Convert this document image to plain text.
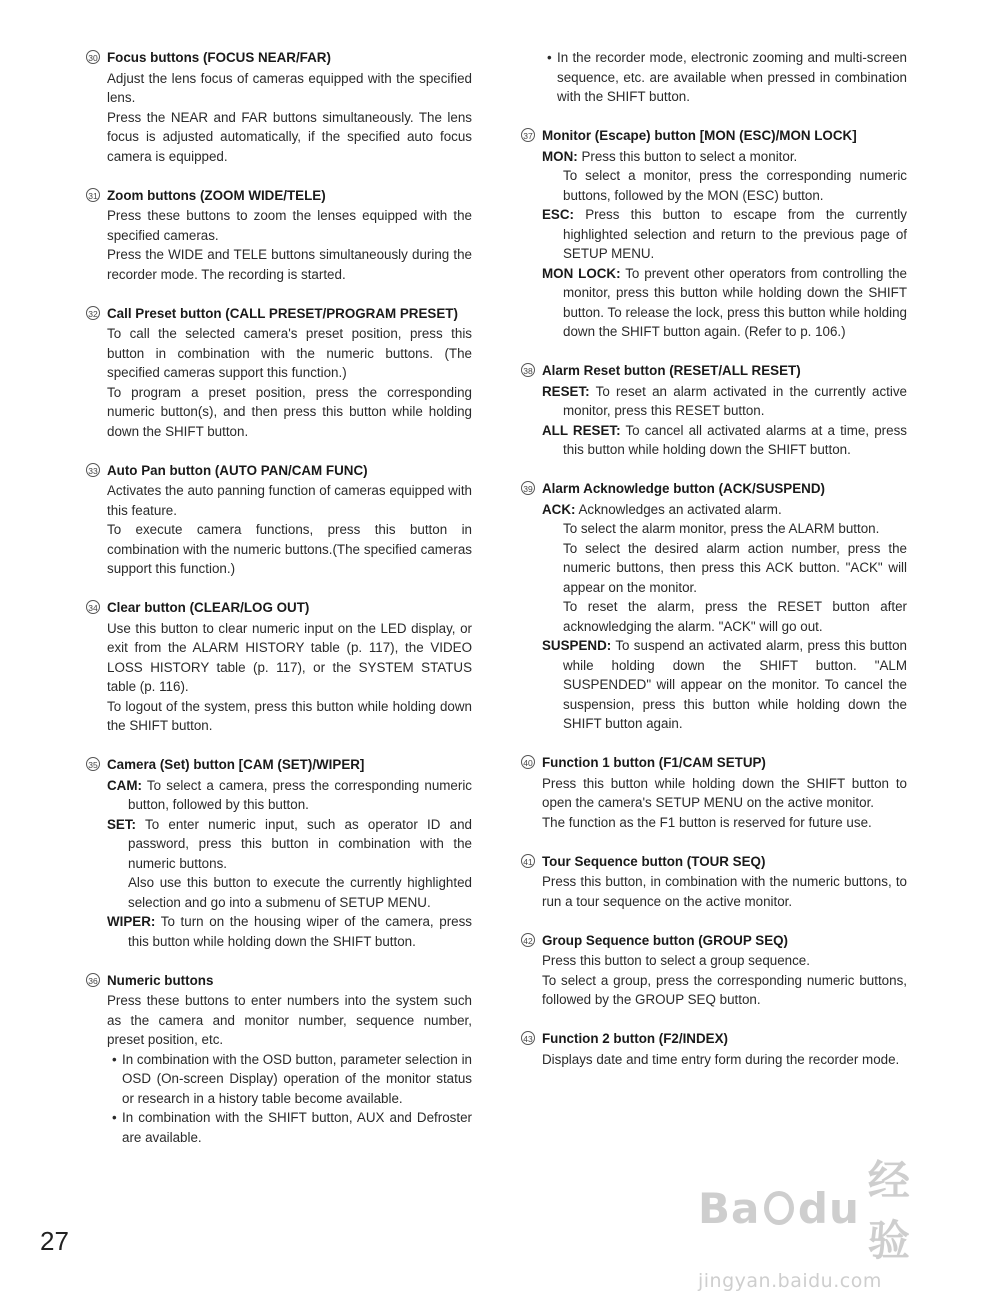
30 Focus buttons (FOCUS NEAR/FAR)

Adjust the lens focus of cameras equipped with the specified lens.

Press the NEAR and FAR buttons simultaneously. The lens focus is adjusted automatically, if the specified auto focus camera is equipped.

31 Zoom buttons (ZOOM WIDE/TELE)

Press these buttons to zoom the lenses equipped with the specified cameras.

Press the WIDE and TELE buttons simultaneously during the recorder mode. The recording is started.

32 Call Preset button (CALL PRESET/PROGRAM PRESET)

To call the selected camera's preset position, press this button in combination with the numeric buttons. (The specified cameras support this function.)

To program a preset position, press the corresponding numeric button(s), and then press this button while holding down the SHIFT button.

33 Auto Pan button (AUTO PAN/CAM FUNC)

Activates the auto panning function of cameras equipped with this feature.

To execute camera functions, press this button in combination with the numeric buttons.(The specified cameras support this function.)

34 Clear button (CLEAR/LOG OUT)

Use this button to clear numeric input on the LED display, or exit from the ALARM HISTORY table (p. 117), the VIDEO LOSS HISTORY table (p. 117), or the SYSTEM STATUS table (p. 116).

To logout of the system, press this button while holding down the SHIFT button.

35 Camera (Set) button [CAM (SET)/WIPER]

CAM: To select a camera, press the corresponding numeric button, followed by this button.

SET: To enter numeric input, such as operator ID and password, press this button in combination with the numeric buttons.

Also use this button to execute the currently highlighted selection and go into a submenu of SETUP MENU.

WIPER: To turn on the housing wiper of the camera, press this button while holding down the SHIFT button.

36 Numeric buttons

Press these buttons to enter numbers into the system such as the camera and monitor number, sequence number, preset position, etc.

• In combination with the OSD button, parameter selection in OSD (On-screen Display) operation of the monitor status or research in a history table become available.

• In combination with the SHIFT button, AUX and Defroster are available.

• In the recorder mode, electronic zooming and multi-screen sequence, etc. are available when pressed in combination with the SHIFT button.

37 Monitor (Escape) button [MON (ESC)/MON LOCK]

MON: Press this button to select a monitor.

To select a monitor, press the corresponding numeric buttons, followed by the MON (ESC) button.

ESC: Press this button to escape from the currently highlighted selection and return to the previous page of SETUP MENU.

MON LOCK: To prevent other operators from controlling the monitor, press this button while holding down the SHIFT button. To release the lock, press this button while holding down the SHIFT button again. (Refer to p. 106.)

38 Alarm Reset button (RESET/ALL RESET)

RESET: To reset an alarm activated in the currently active monitor, press this RESET button.

ALL RESET: To cancel all activated alarms at a time, press this button while holding down the SHIFT button.

39 Alarm Acknowledge button (ACK/SUSPEND)

ACK: Acknowledges an activated alarm.

To select the alarm monitor, press the ALARM button.

To select the desired alarm action number, press the numeric buttons, then press this ACK button. "ACK" will appear on the monitor.

To reset the alarm, press the RESET button after acknowledging the alarm. "ACK" will go out.

SUSPEND: To suspend an activated alarm, press this button while holding down the SHIFT button. "ALM SUSPENDED" will appear on the monitor. To cancel the suspension, press this button while holding down the SHIFT button again.

40 Function 1 button (F1/CAM SETUP)

Press this button while holding down the SHIFT button to open the camera's SETUP MENU on the active monitor.

The function as the F1 button is reserved for future use.

41 Tour Sequence button (TOUR SEQ)

Press this button, in combination with the numeric buttons, to run a tour sequence on the active monitor.

42 Group Sequence button (GROUP SEQ)

Press this button to select a group sequence.

To select a group, press the corresponding numeric buttons, followed by the GROUP SEQ button.

43 Function 2 button (F2/INDEX)

Displays date and time entry form during the recorder mode.

27
Ba du
经验
jingyan.baidu.com
